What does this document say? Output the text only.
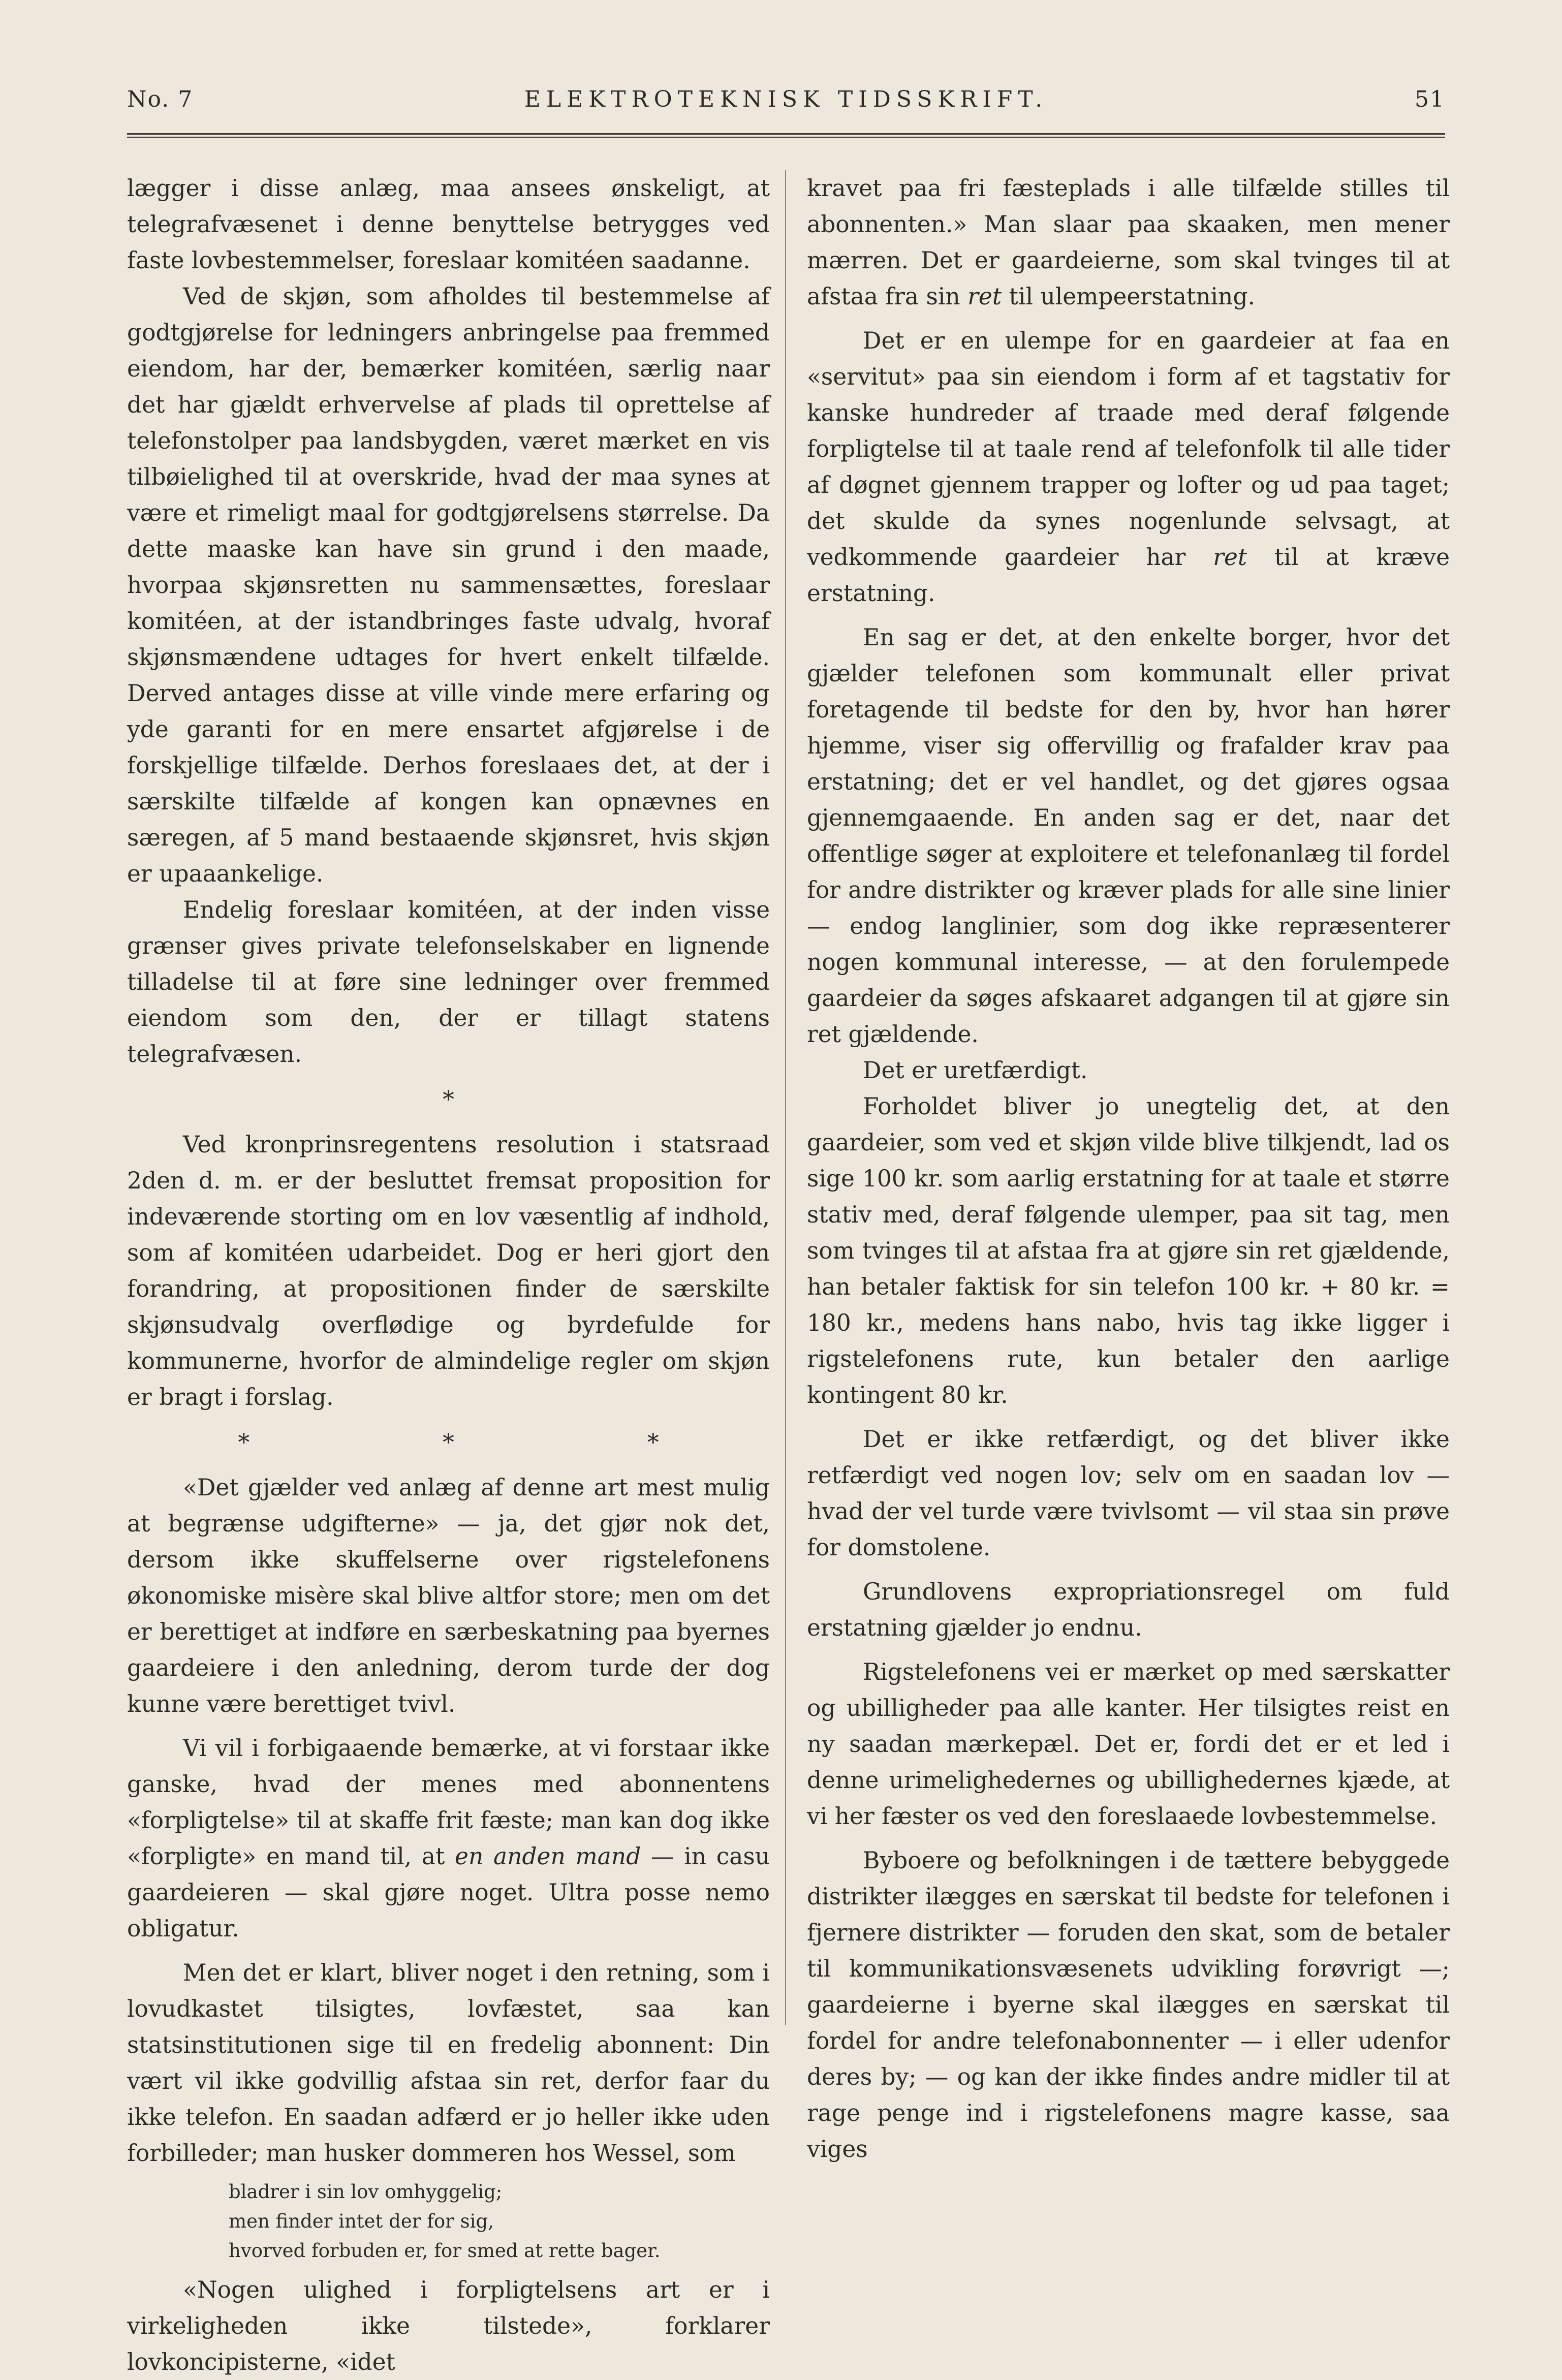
No. 7	ELEKTROTEKNISK TIDSSKRIFT.	51

lægger i disse anlæg, maa ansees ønskeligt, at telegrafvæsenet i denne benyttelse betrygges ved faste lovbestemmelser, foreslaar komitéen saadanne.

Ved de skjøn, som afholdes til bestemmelse af godtgjørelse for ledningers anbringelse paa fremmed eiendom, har der, bemærker komitéen, særlig naar det har gjældt erhvervelse af plads til oprettelse af telefonstolper paa landsbygden, været mærket en vis tilbøielighed til at overskride, hvad der maa synes at være et rimeligt maal for godtgjørelsens størrelse. Da dette maaske kan have sin grund i den maade, hvorpaa skjønsretten nu sammensættes, foreslaar komitéen, at der istandbringes faste udvalg, hvoraf skjønsmændene udtages for hvert enkelt tilfælde. Derved antages disse at ville vinde mere erfaring og yde garanti for en mere ensartet afgjørelse i de forskjellige tilfælde. Derhos foreslaaes det, at der i særskilte tilfælde af kongen kan opnævnes en særegen, af 5 mand bestaaende skjønsret, hvis skjøn er upaaankelige.

Endelig foreslaar komitéen, at der inden visse grænser gives private telefonselskaber en lignende tilladelse til at føre sine ledninger over fremmed eiendom som den, der er tillagt statens telegrafvæsen.

*

Ved kronprinsregentens resolution i statsraad 2den d. m. er der besluttet fremsat proposition for indeværende storting om en lov væsentlig af indhold, som af komitéen udarbeidet. Dog er heri gjort den forandring, at propositionen finder de særskilte skjønsudvalg overflødige og byrdefulde for kommunerne, hvorfor de almindelige regler om skjøn er bragt i forslag.

*	*	*

«Det gjælder ved anlæg af denne art mest mulig at begrænse udgifterne» — ja, det gjør nok det, dersom ikke skuffelserne over rigstelefonens økonomiske misère skal blive altfor store; men om det er berettiget at indføre en særbeskatning paa byernes gaardeiere i den anledning, derom turde der dog kunne være berettiget tvivl.

Vi vil i forbigaaende bemærke, at vi forstaar ikke ganske, hvad der menes med abonnentens «forpligtelse» til at skaffe frit fæste; man kan dog ikke «forpligte» en mand til, at en anden mand — in casu gaardeieren — skal gjøre noget. Ultra posse nemo obligatur.

Men det er klart, bliver noget i den retning, som i lovudkastet tilsigtes, lovfæstet, saa kan statsinstitutionen sige til en fredelig abonnent: Din vært vil ikke godvillig afstaa sin ret, derfor faar du ikke telefon. En saadan adfærd er jo heller ikke uden forbilleder; man husker dommeren hos Wessel, som

bladrer i sin lov omhyggelig;
men finder intet der for sig,
hvorved forbuden er, for smed at rette bager.

«Nogen ulighed i forpligtelsens art er i virkeligheden ikke tilstede», forklarer lovkoncipisterne, «idet

kravet paa fri fæsteplads i alle tilfælde stilles til abonnenten.» Man slaar paa skaaken, men mener mærren. Det er gaardeierne, som skal tvinges til at afstaa fra sin ret til ulempeerstatning.

Det er en ulempe for en gaardeier at faa en «servitut» paa sin eiendom i form af et tagstativ for kanske hundreder af traade med deraf følgende forpligtelse til at taale rend af telefonfolk til alle tider af døgnet gjennem trapper og lofter og ud paa taget; det skulde da synes nogenlunde selvsagt, at vedkommende gaardeier har ret til at kræve erstatning.

En sag er det, at den enkelte borger, hvor det gjælder telefonen som kommunalt eller privat foretagende til bedste for den by, hvor han hører hjemme, viser sig offervillig og frafalder krav paa erstatning; det er vel handlet, og det gjøres ogsaa gjennemgaaende. En anden sag er det, naar det offentlige søger at exploitere et telefonanlæg til fordel for andre distrikter og kræver plads for alle sine linier — endog langlinier, som dog ikke repræsenterer nogen kommunal interesse, — at den forulempede gaardeier da søges afskaaret adgangen til at gjøre sin ret gjældende.

Det er uretfærdigt.

Forholdet bliver jo unegtelig det, at den gaardeier, som ved et skjøn vilde blive tilkjendt, lad os sige 100 kr. som aarlig erstatning for at taale et større stativ med, deraf følgende ulemper, paa sit tag, men som tvinges til at afstaa fra at gjøre sin ret gjældende, han betaler faktisk for sin telefon 100 kr. + 80 kr. = 180 kr., medens hans nabo, hvis tag ikke ligger i rigstelefonens rute, kun betaler den aarlige kontingent 80 kr.

Det er ikke retfærdigt, og det bliver ikke retfærdigt ved nogen lov; selv om en saadan lov — hvad der vel turde være tvivlsomt — vil staa sin prøve for domstolene.

Grundlovens expropriationsregel om fuld erstatning gjælder jo endnu.

Rigstelefonens vei er mærket op med særskatter og ubilligheder paa alle kanter. Her tilsigtes reist en ny saadan mærkepæl. Det er, fordi det er et led i denne urimelighedernes og ubillighedernes kjæde, at vi her fæster os ved den foreslaaede lovbestemmelse.

Byboere og befolkningen i de tættere bebyggede distrikter ilægges en særskat til bedste for telefonen i fjernere distrikter — foruden den skat, som de betaler til kommunikationsvæsenets udvikling forøvrigt —; gaardeierne i byerne skal ilægges en særskat til fordel for andre telefonabonnenter — i eller udenfor deres by; — og kan der ikke findes andre midler til at rage penge ind i rigstelefonens magre kasse, saa viges
